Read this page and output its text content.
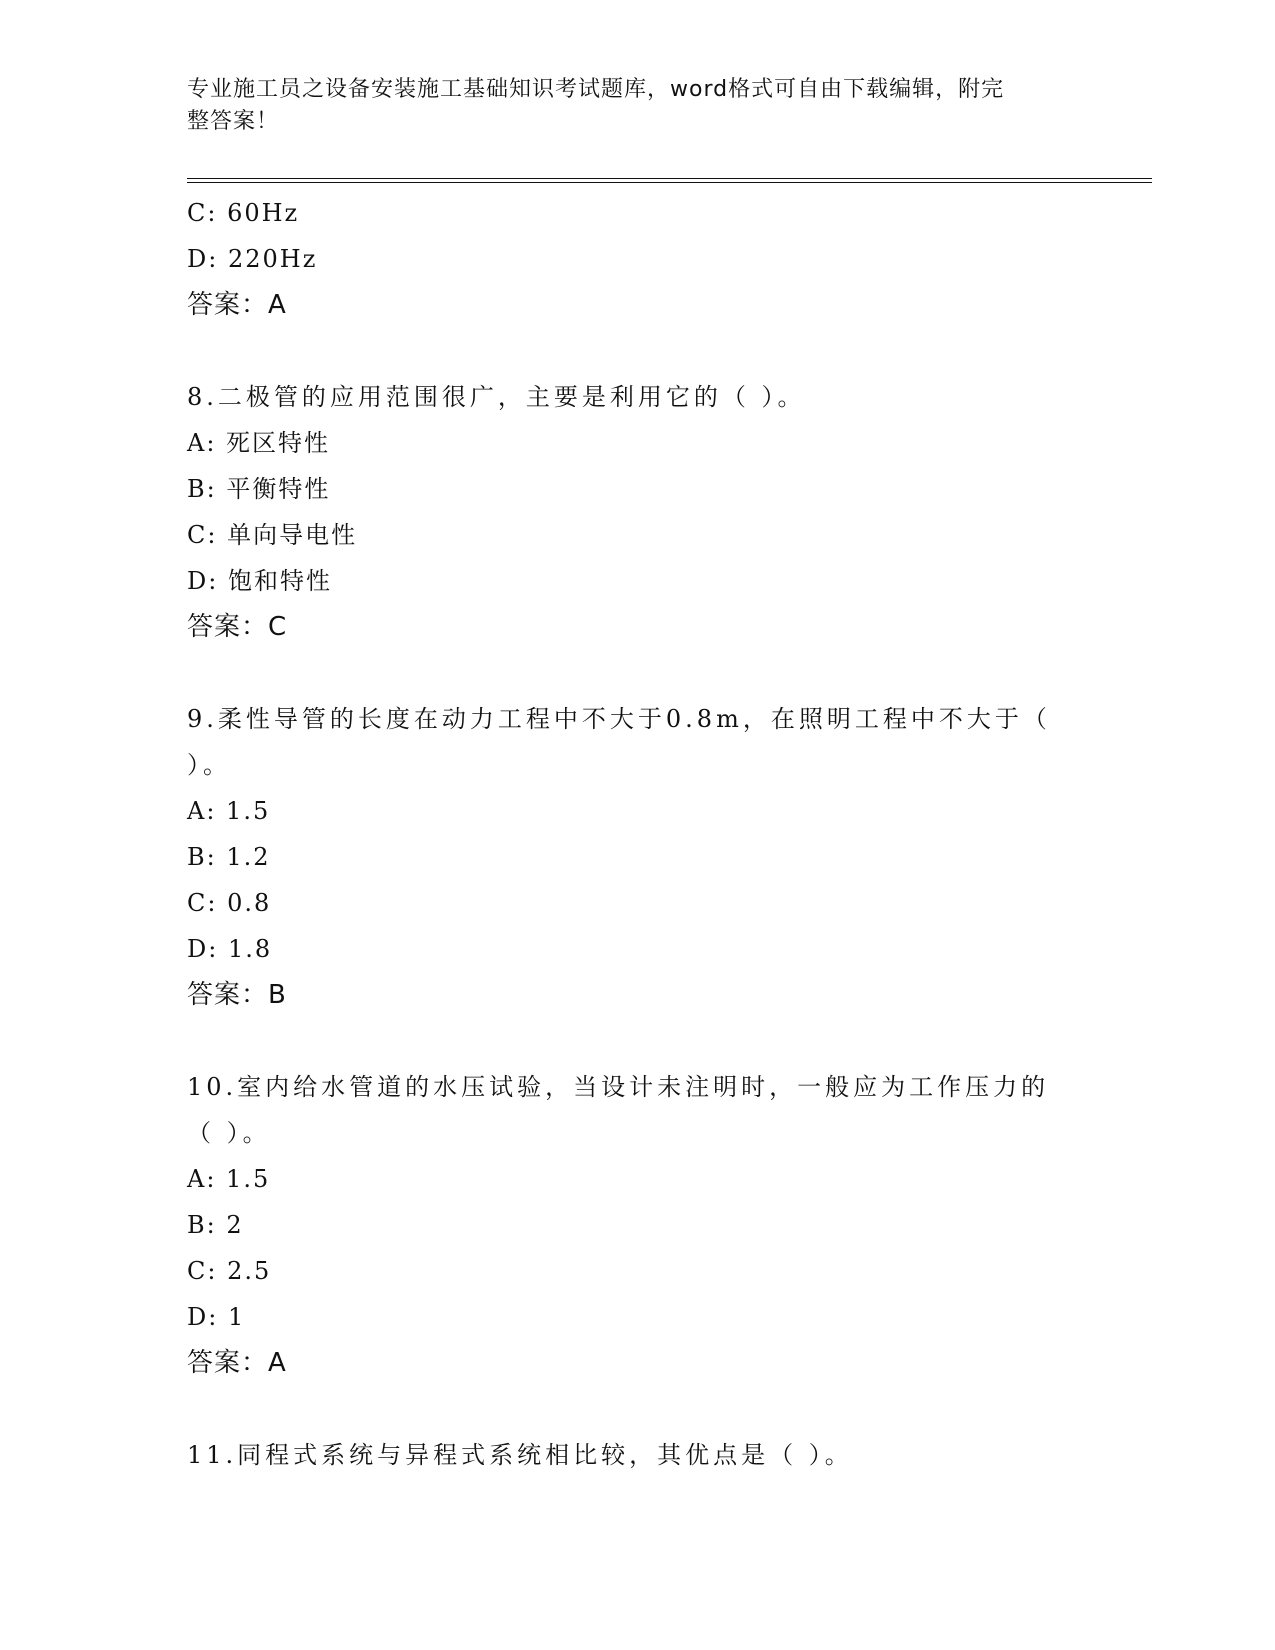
专业施工员之设备安装施工基础知识考试题库，word格式可自由下载编辑，附完
整答案！
C: 60Hz
D: 220Hz
答案：A
8.二极管的应用范围很广，主要是利用它的（ ）。
A: 死区特性
B: 平衡特性
C: 单向导电性
D: 饱和特性
答案：C
9.柔性导管的长度在动力工程中不大于0.8m，在照明工程中不大于（
）。
A: 1.5
B: 1.2
C: 0.8
D: 1.8
答案：B
10.室内给水管道的水压试验，当设计未注明时，一般应为工作压力的
（ ）。
A: 1.5
B: 2
C: 2.5
D: 1
答案：A
11.同程式系统与异程式系统相比较，其优点是（ ）。
